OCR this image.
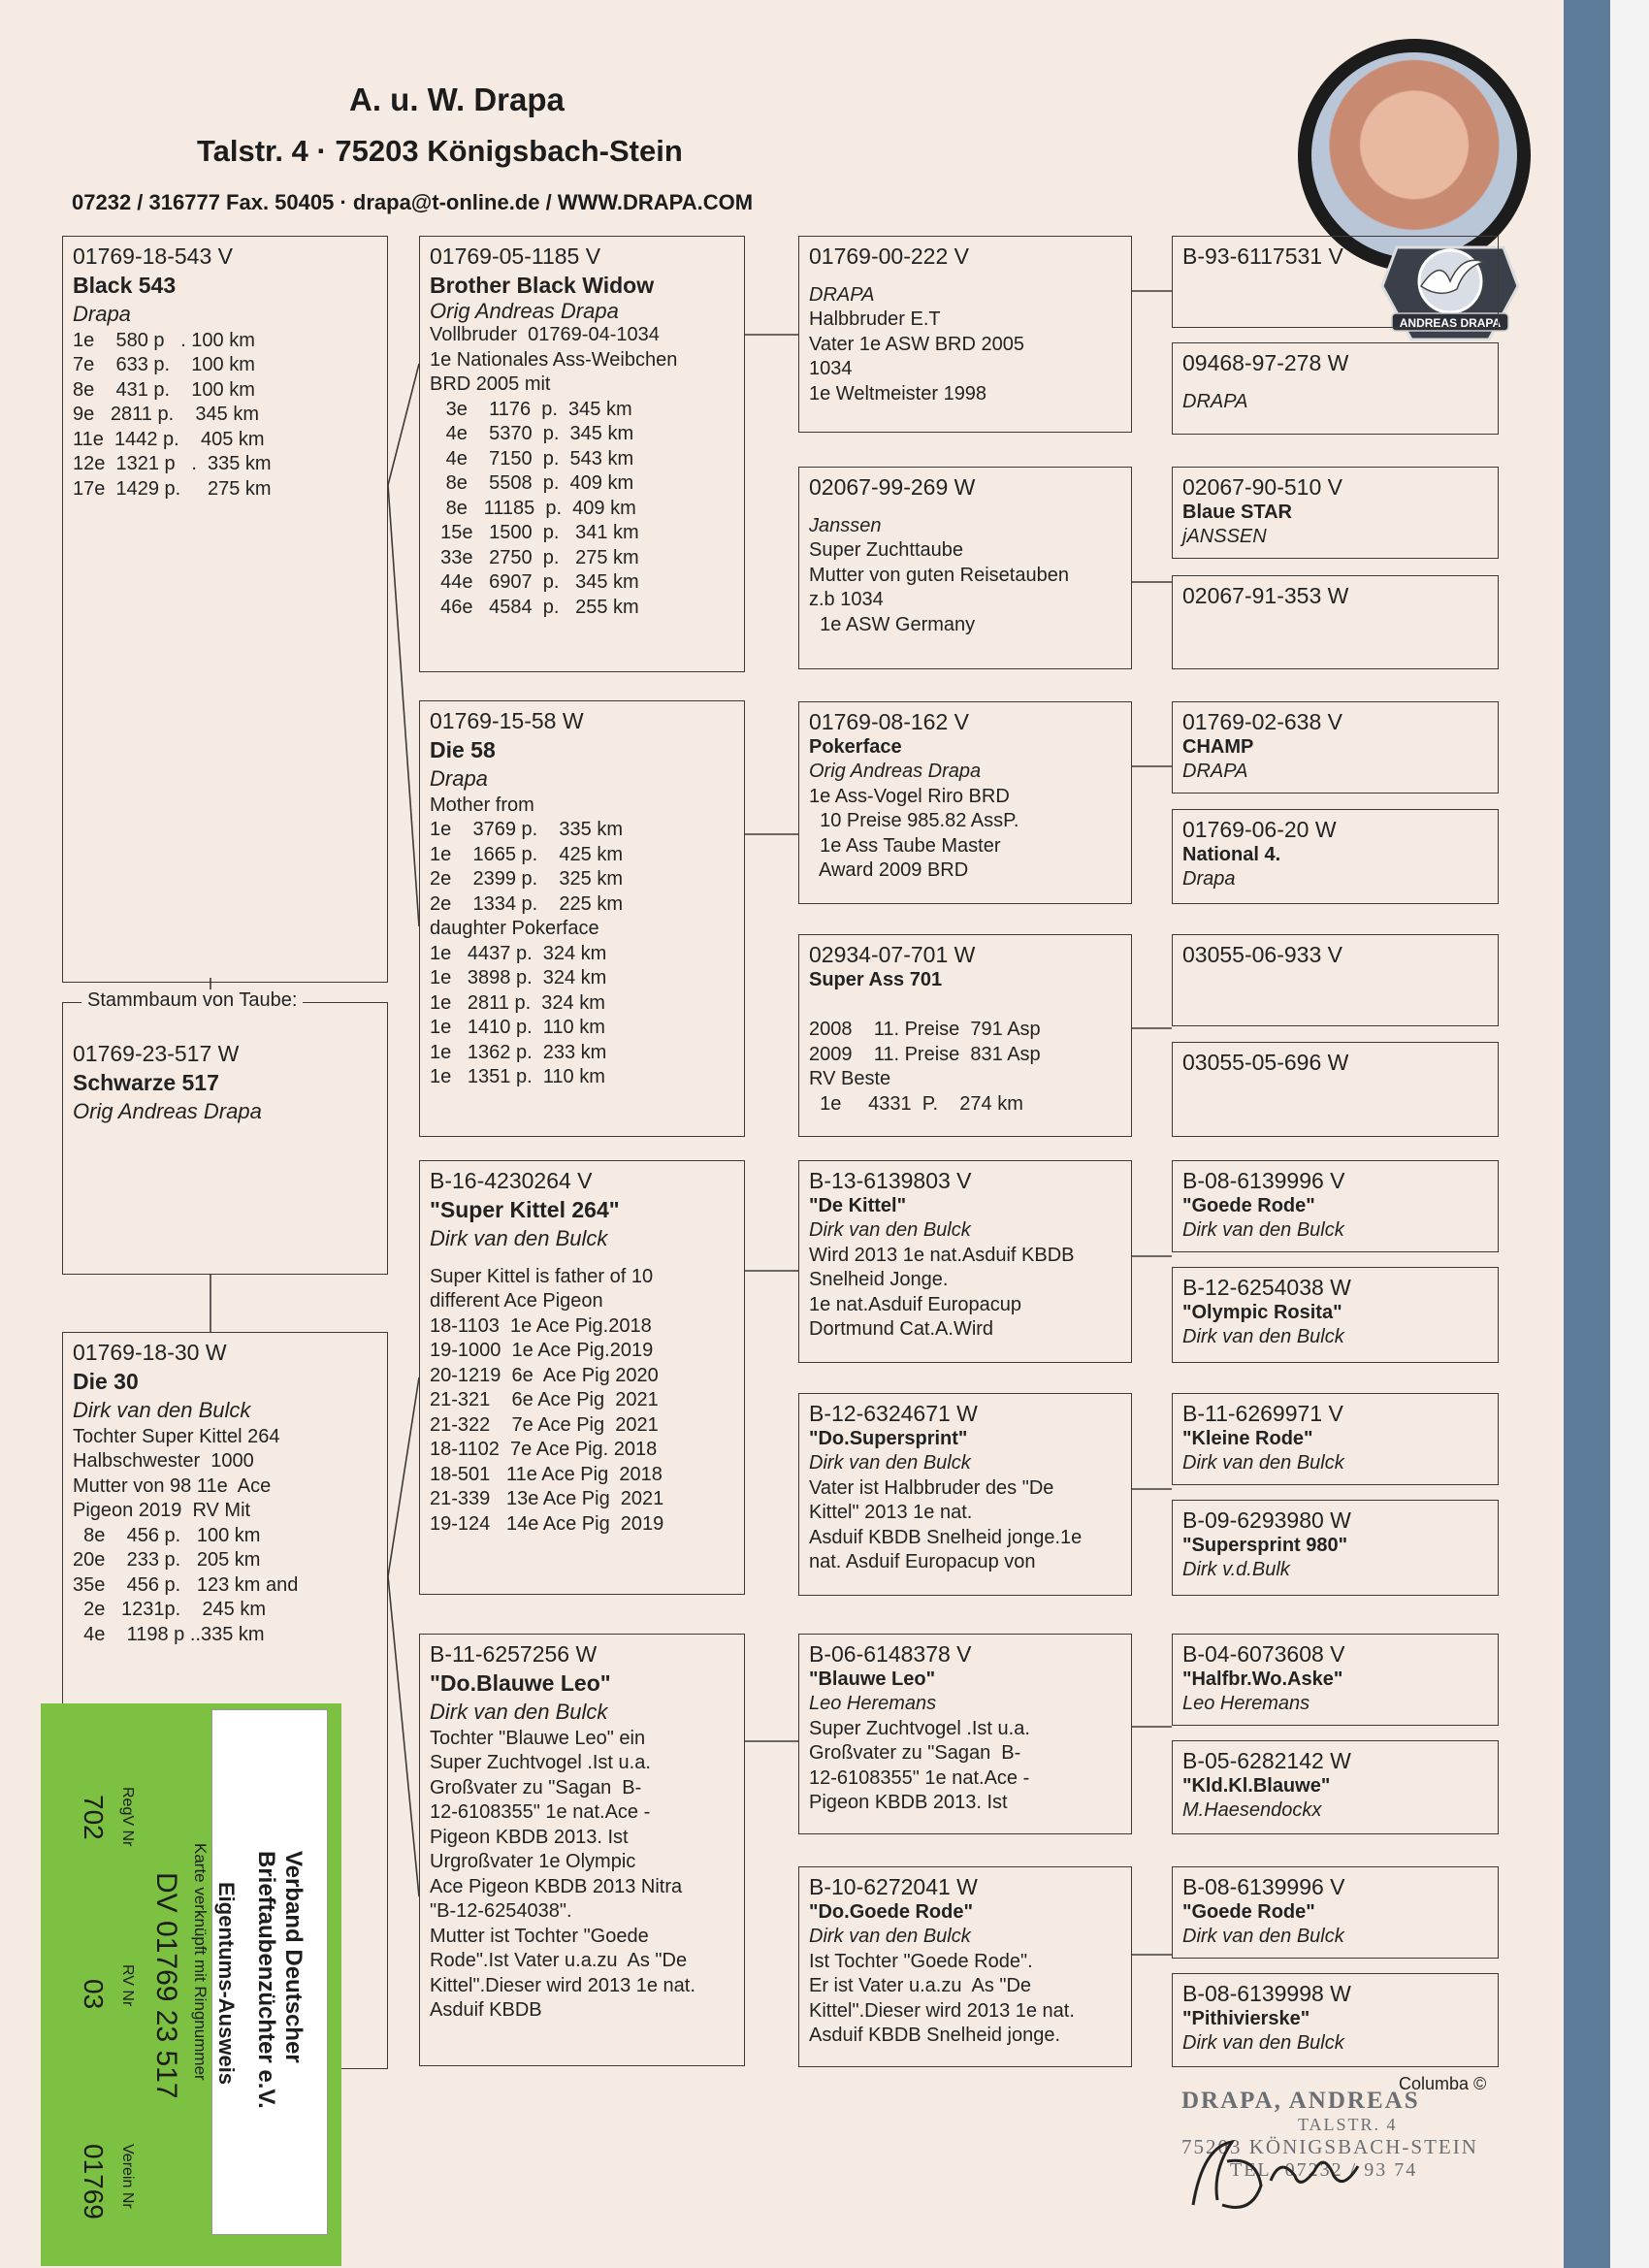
A. u. W. Drapa
Talstr. 4 · 75203 Königsbach-Stein
07232 / 316777 Fax. 50405 · drapa@t-online.de / WWW.DRAPA.COM
ANDREAS DRAPA
01769-18-543 V
Black 543
Drapa
1e    580 p   . 100 km
7e    633 p.    100 km
8e    431 p.    100 km
9e   2811 p.    345 km
11e  1442 p.    405 km
12e  1321 p   .  335 km
17e  1429 p.     275 km
01769-23-517 W
Schwarze 517
Orig Andreas Drapa
Stammbaum von Taube:
01769-18-30 W
Die 30
Dirk van den Bulck
Tochter Super Kittel 264
Halbschwester  1000
Mutter von 98 11e  Ace
Pigeon 2019  RV Mit
8e    456 p.   100 km
20e    233 p.   205 km
35e    456 p.   123 km and
2e   1231p.    245 km
4e    1198 p ..335 km
01769-05-1185 V
Brother Black Widow
Orig Andreas Drapa
Vollbruder  01769-04-1034
1e Nationales Ass-Weibchen
BRD 2005 mit
3e    1176  p.  345 km
4e    5370  p.  345 km
4e    7150  p.  543 km
8e    5508  p.  409 km
8e   11185  p.  409 km
15e   1500  p.   341 km
33e   2750  p.   275 km
44e   6907  p.   345 km
46e   4584  p.   255 km
01769-15-58 W
Die 58
Drapa
Mother from
1e    3769 p.    335 km
1e    1665 p.    425 km
2e    2399 p.    325 km
2e    1334 p.    225 km
daughter Pokerface
1e   4437 p.  324 km
1e   3898 p.  324 km
1e   2811 p.  324 km
1e   1410 p.  110 km
1e   1362 p.  233 km
1e   1351 p.  110 km
B-16-4230264 V
"Super Kittel 264"
Dirk van den Bulck
Super Kittel is father of 10
different Ace Pigeon
18-1103  1e Ace Pig.2018
19-1000  1e Ace Pig.2019
20-1219  6e  Ace Pig 2020
21-321    6e Ace Pig  2021
21-322    7e Ace Pig  2021
18-1102  7e Ace Pig. 2018
18-501   11e Ace Pig  2018
21-339   13e Ace Pig  2021
19-124   14e Ace Pig  2019
B-11-6257256 W
"Do.Blauwe Leo"
Dirk van den Bulck
Tochter "Blauwe Leo" ein
Super Zuchtvogel .Ist u.a.
Großvater zu "Sagan  B-
12-6108355" 1e nat.Ace -
Pigeon KBDB 2013. Ist
Urgroßvater 1e Olympic
Ace Pigeon KBDB 2013 Nitra
"B-12-6254038".
Mutter ist Tochter "Goede
Rode".Ist Vater u.a.zu  As "De
Kittel".Dieser wird 2013 1e nat.
Asduif KBDB
01769-00-222 V
DRAPA
Halbbruder E.T
Vater 1e ASW BRD 2005
1034
1e Weltmeister 1998
02067-99-269 W
Janssen
Super Zuchttaube
Mutter von guten Reisetauben
z.b 1034
1e ASW Germany
01769-08-162 V
Pokerface
Orig Andreas Drapa
1e Ass-Vogel Riro BRD
10 Preise 985.82 AssP.
1e Ass Taube Master
Award 2009 BRD
02934-07-701 W
Super Ass 701
2008    11. Preise  791 Asp
2009    11. Preise  831 Asp
RV Beste
1e     4331  P.    274 km
B-13-6139803 V
"De Kittel"
Dirk van den Bulck
Wird 2013 1e nat.Asduif KBDB
Snelheid Jonge.
1e nat.Asduif Europacup
Dortmund Cat.A.Wird
B-12-6324671 W
"Do.Supersprint"
Dirk van den Bulck
Vater ist Halbbruder des "De
Kittel" 2013 1e nat.
Asduif KBDB Snelheid jonge.1e
nat. Asduif Europacup von
B-06-6148378 V
"Blauwe Leo"
Leo Heremans
Super Zuchtvogel .Ist u.a.
Großvater zu "Sagan  B-
12-6108355" 1e nat.Ace -
Pigeon KBDB 2013. Ist
B-10-6272041 W
"Do.Goede Rode"
Dirk van den Bulck
Ist Tochter "Goede Rode".
Er ist Vater u.a.zu  As "De
Kittel".Dieser wird 2013 1e nat.
Asduif KBDB Snelheid jonge.
B-93-6117531 V
09468-97-278 W
DRAPA
02067-90-510 V
Blaue STAR
jANSSEN
02067-91-353 W
01769-02-638 V
CHAMP
DRAPA
01769-06-20 W
National 4.
Drapa
03055-06-933 V
03055-05-696 W
B-08-6139996 V
"Goede Rode"
Dirk van den Bulck
B-12-6254038 W
"Olympic Rosita"
Dirk van den Bulck
B-11-6269971 V
"Kleine Rode"
Dirk van den Bulck
B-09-6293980 W
"Supersprint 980"
Dirk v.d.Bulk
B-04-6073608 V
"Halfbr.Wo.Aske"
Leo Heremans
B-05-6282142 W
"Kld.Kl.Blauwe"
M.Haesendockx
B-08-6139996 V
"Goede Rode"
Dirk van den Bulck
B-08-6139998 W
"Pithivierske"
Dirk van den Bulck
Verband Deutscher
Brieftaubenzüchter e.V.
Eigentums-Ausweis
Karte verknüpft mit Ringnummer
DV 01769 23 517
RegV Nr
RV Nr
Verein Nr
702
03
01769
Columba ©
DRAPA, ANDREAS
TALSTR. 4
75203 KÖNIGSBACH-STEIN
TEL. 07232 / 93 74
